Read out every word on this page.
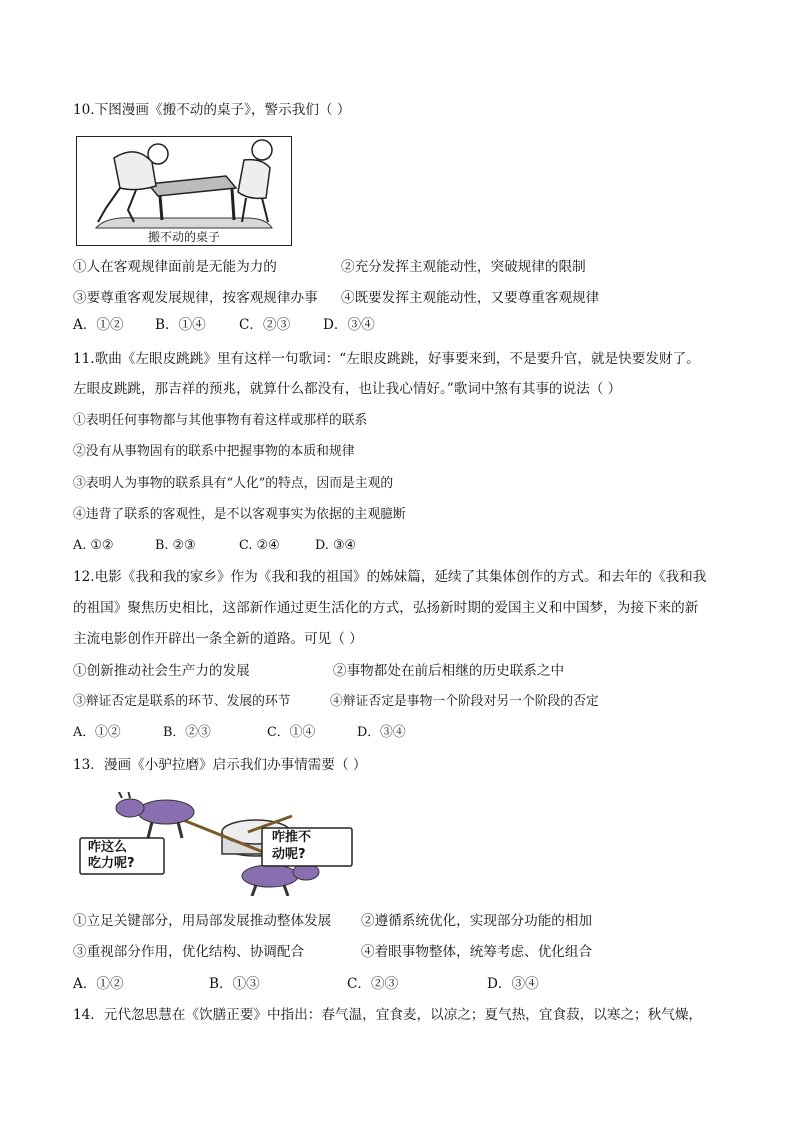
10.下图漫画《搬不动的桌子》，警示我们（ ）
搬不动的桌子
①人在客观规律面前是无能为力的	②充分发挥主观能动性，突破规律的限制
③要尊重客观发展规律，按客观规律办事 ④既要发挥主观能动性，又要尊重客观规律
A．①② B．①④ C．②③ D．③④
11.歌曲《左眼皮跳跳》里有这样一句歌词：“左眼皮跳跳，好事要来到，不是要升官，就是快要发财了。
左眼皮跳跳，那吉祥的预兆，就算什么都没有，也让我心情好。”歌词中煞有其事的说法（ ）
①表明任何事物都与其他事物有着这样或那样的联系
②没有从事物固有的联系中把握事物的本质和规律
③表明人为事物的联系具有“人化”的特点，因而是主观的
④违背了联系的客观性，是不以客观事实为依据的主观臆断
A. ①②	B. ②③	C. ②④	D. ③④
12.电影《我和我的家乡》作为《我和我的祖国》的姊妹篇，延续了其集体创作的方式。和去年的《我和我
的祖国》聚焦历史相比，这部新作通过更生活化的方式，弘扬新时期的爱国主义和中国梦，为接下来的新
主流电影创作开辟出一条全新的道路。可见（ ）
①创新推动社会生产力的发展	②事物都处在前后相继的历史联系之中
③辩证否定是联系的环节、发展的环节	④辩证否定是事物一个阶段对另一个阶段的否定
A．①②	B．②③	C．①④	D．③④
13．漫画《小驴拉磨》启示我们办事情需要（ ）
咋这么
吃力呢?
咋推不
动呢?
①立足关键部分，用局部发展推动整体发展 ②遵循系统优化，实现部分功能的相加
③重视部分作用，优化结构、协调配合	④着眼事物整体，统筹考虑、优化组合
A．①②	B．①③	C．②③	D．③④
14．元代忽思慧在《饮膳正要》中指出：春气温，宜食麦，以凉之；夏气热，宜食菽，以寒之；秋气燥，
